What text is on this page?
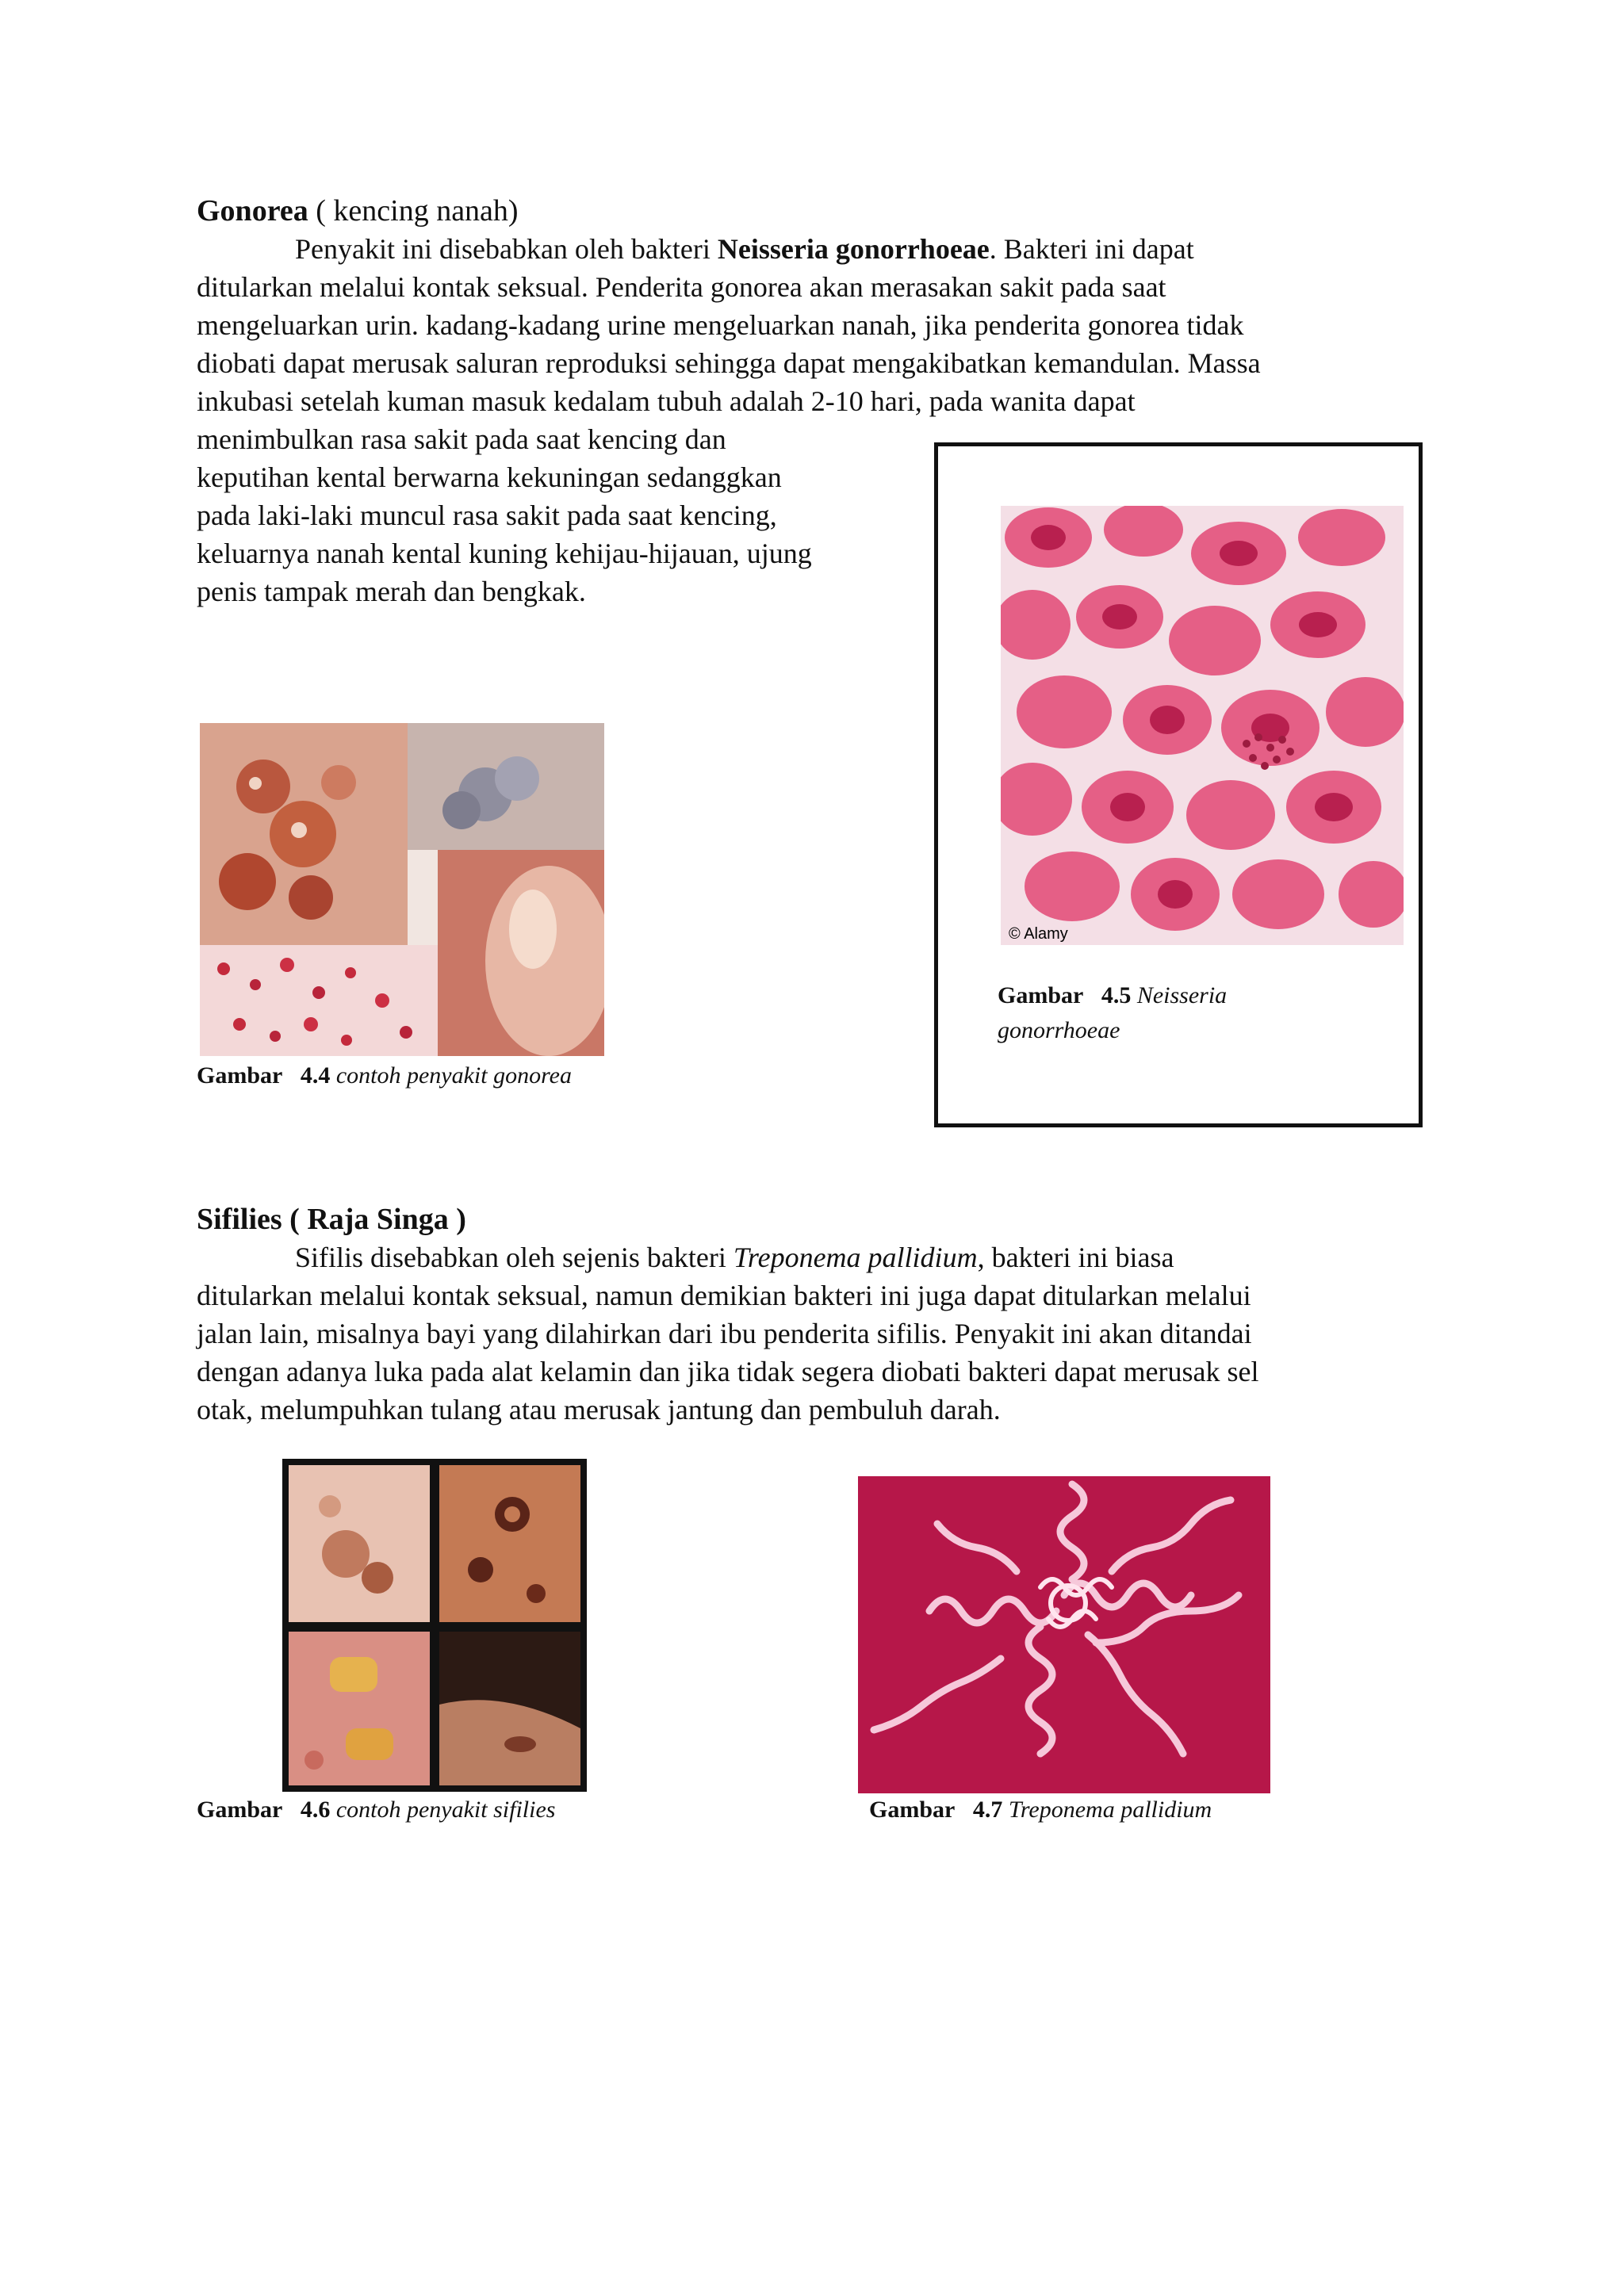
Gonorea ( kencing nanah)
Penyakit ini disebabkan oleh bakteri Neisseria gonorrhoeae. Bakteri ini dapat
ditularkan melalui kontak seksual. Penderita gonorea akan merasakan sakit pada saat
mengeluarkan urin. kadang-kadang urine mengeluarkan nanah, jika penderita gonorea tidak
diobati dapat merusak saluran reproduksi sehingga dapat mengakibatkan kemandulan. Massa
inkubasi setelah kuman masuk kedalam tubuh adalah 2-10 hari, pada wanita dapat
menimbulkan rasa sakit pada saat kencing dan
keputihan kental berwarna kekuningan sedanggkan
pada laki-laki muncul rasa sakit pada saat kencing,
keluarnya nanah kental kuning kehijau-hijauan, ujung
penis tampak merah dan bengkak.
Gambar 4.4 contoh penyakit gonorea
© Alamy
Gambar 4.5 Neisseria
gonorrhoeae
Sifilies ( Raja Singa )
Sifilis disebabkan oleh sejenis bakteri Treponema pallidium, bakteri ini biasa
ditularkan melalui kontak seksual, namun demikian bakteri ini juga dapat ditularkan melalui
jalan lain, misalnya bayi yang dilahirkan dari ibu penderita sifilis. Penyakit ini akan ditandai
dengan adanya luka pada alat kelamin dan jika tidak segera diobati bakteri dapat merusak sel
otak, melumpuhkan tulang atau merusak jantung dan pembuluh darah.
Gambar 4.6 contoh penyakit sifilies	Gambar 4.7 Treponema pallidium
